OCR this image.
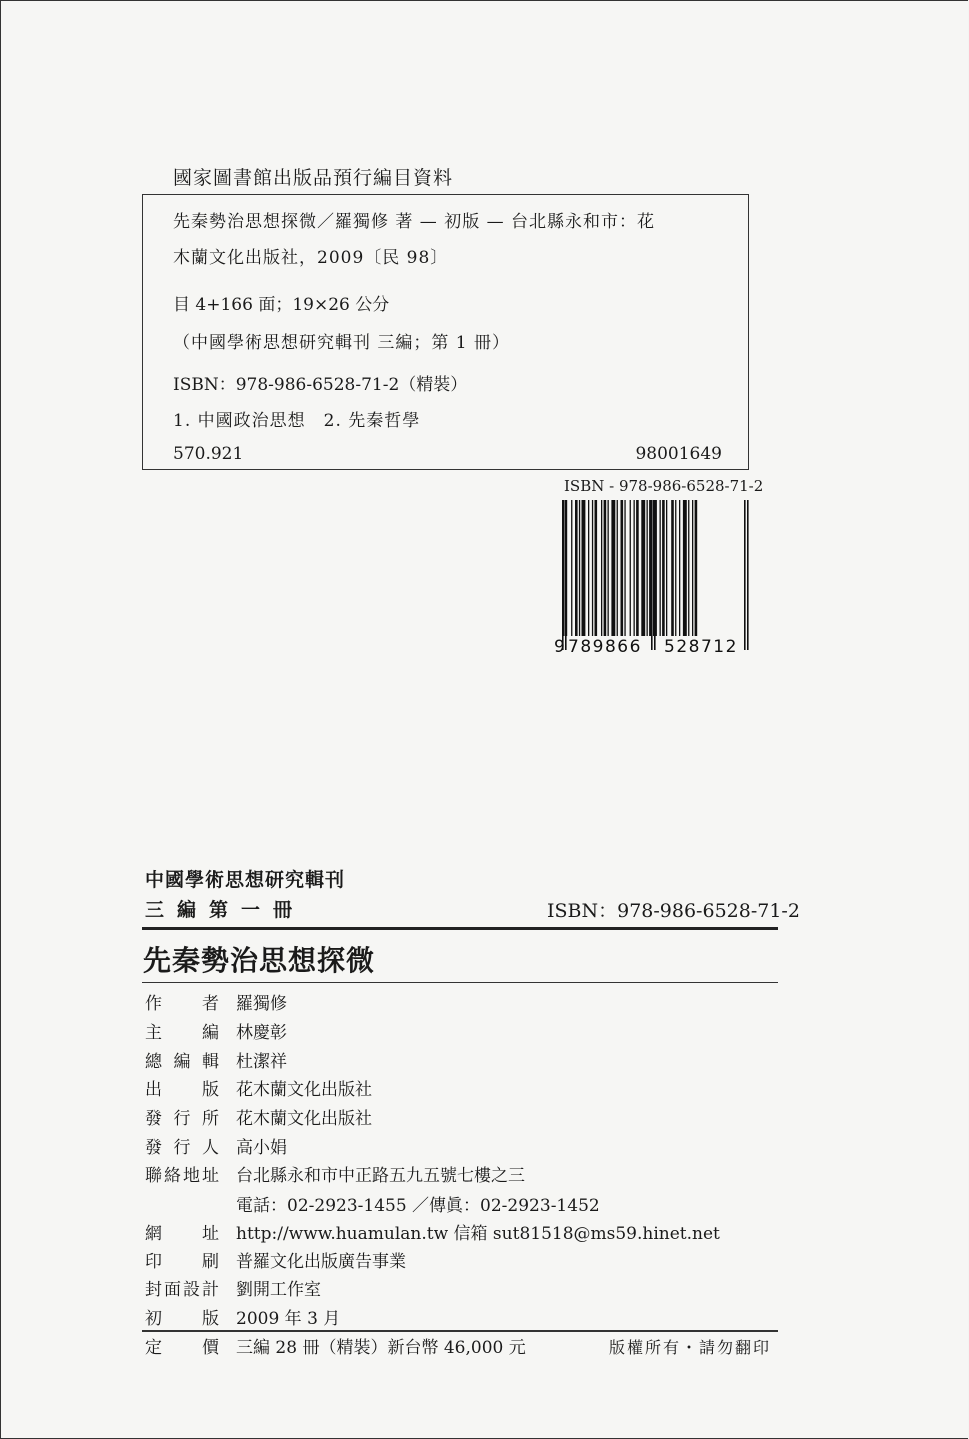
國家圖書館出版品預行編目資料
先秦勢治思想探微／羅獨修 著 — 初版 — 台北縣永和市：花
木蘭文化出版社，2009〔民 98〕
目 4+166 面；19×26 公分
（中國學術思想研究輯刊 三編；第 1 冊）
ISBN：978-986-6528-71-2（精裝）
1. 中國政治思想　2. 先秦哲學
570.921	98001649
ISBN - 978-986-6528-71-2
9 789866 528712
中國學術思想研究輯刊
三編第一冊	ISBN：978-986-6528-71-2
先秦勢治思想探微
作 者 羅獨修
主 編 林慶彰
總 編 輯 杜潔祥
出 版 花木蘭文化出版社
發 行 所 花木蘭文化出版社
發 行 人 高小娟
聯 絡 地 址 台北縣永和市中正路五九五號七樓之三
電話：02-2923-1455 ／傳眞：02-2923-1452
網 址 http://www.huamulan.tw 信箱 sut81518@ms59.hinet.net
印 刷 普羅文化出版廣告事業
封 面 設 計 劉開工作室
初 版 2009 年 3 月
定 價 三編 28 冊（精裝）新台幣 46,000 元	版權所有・請勿翻印
